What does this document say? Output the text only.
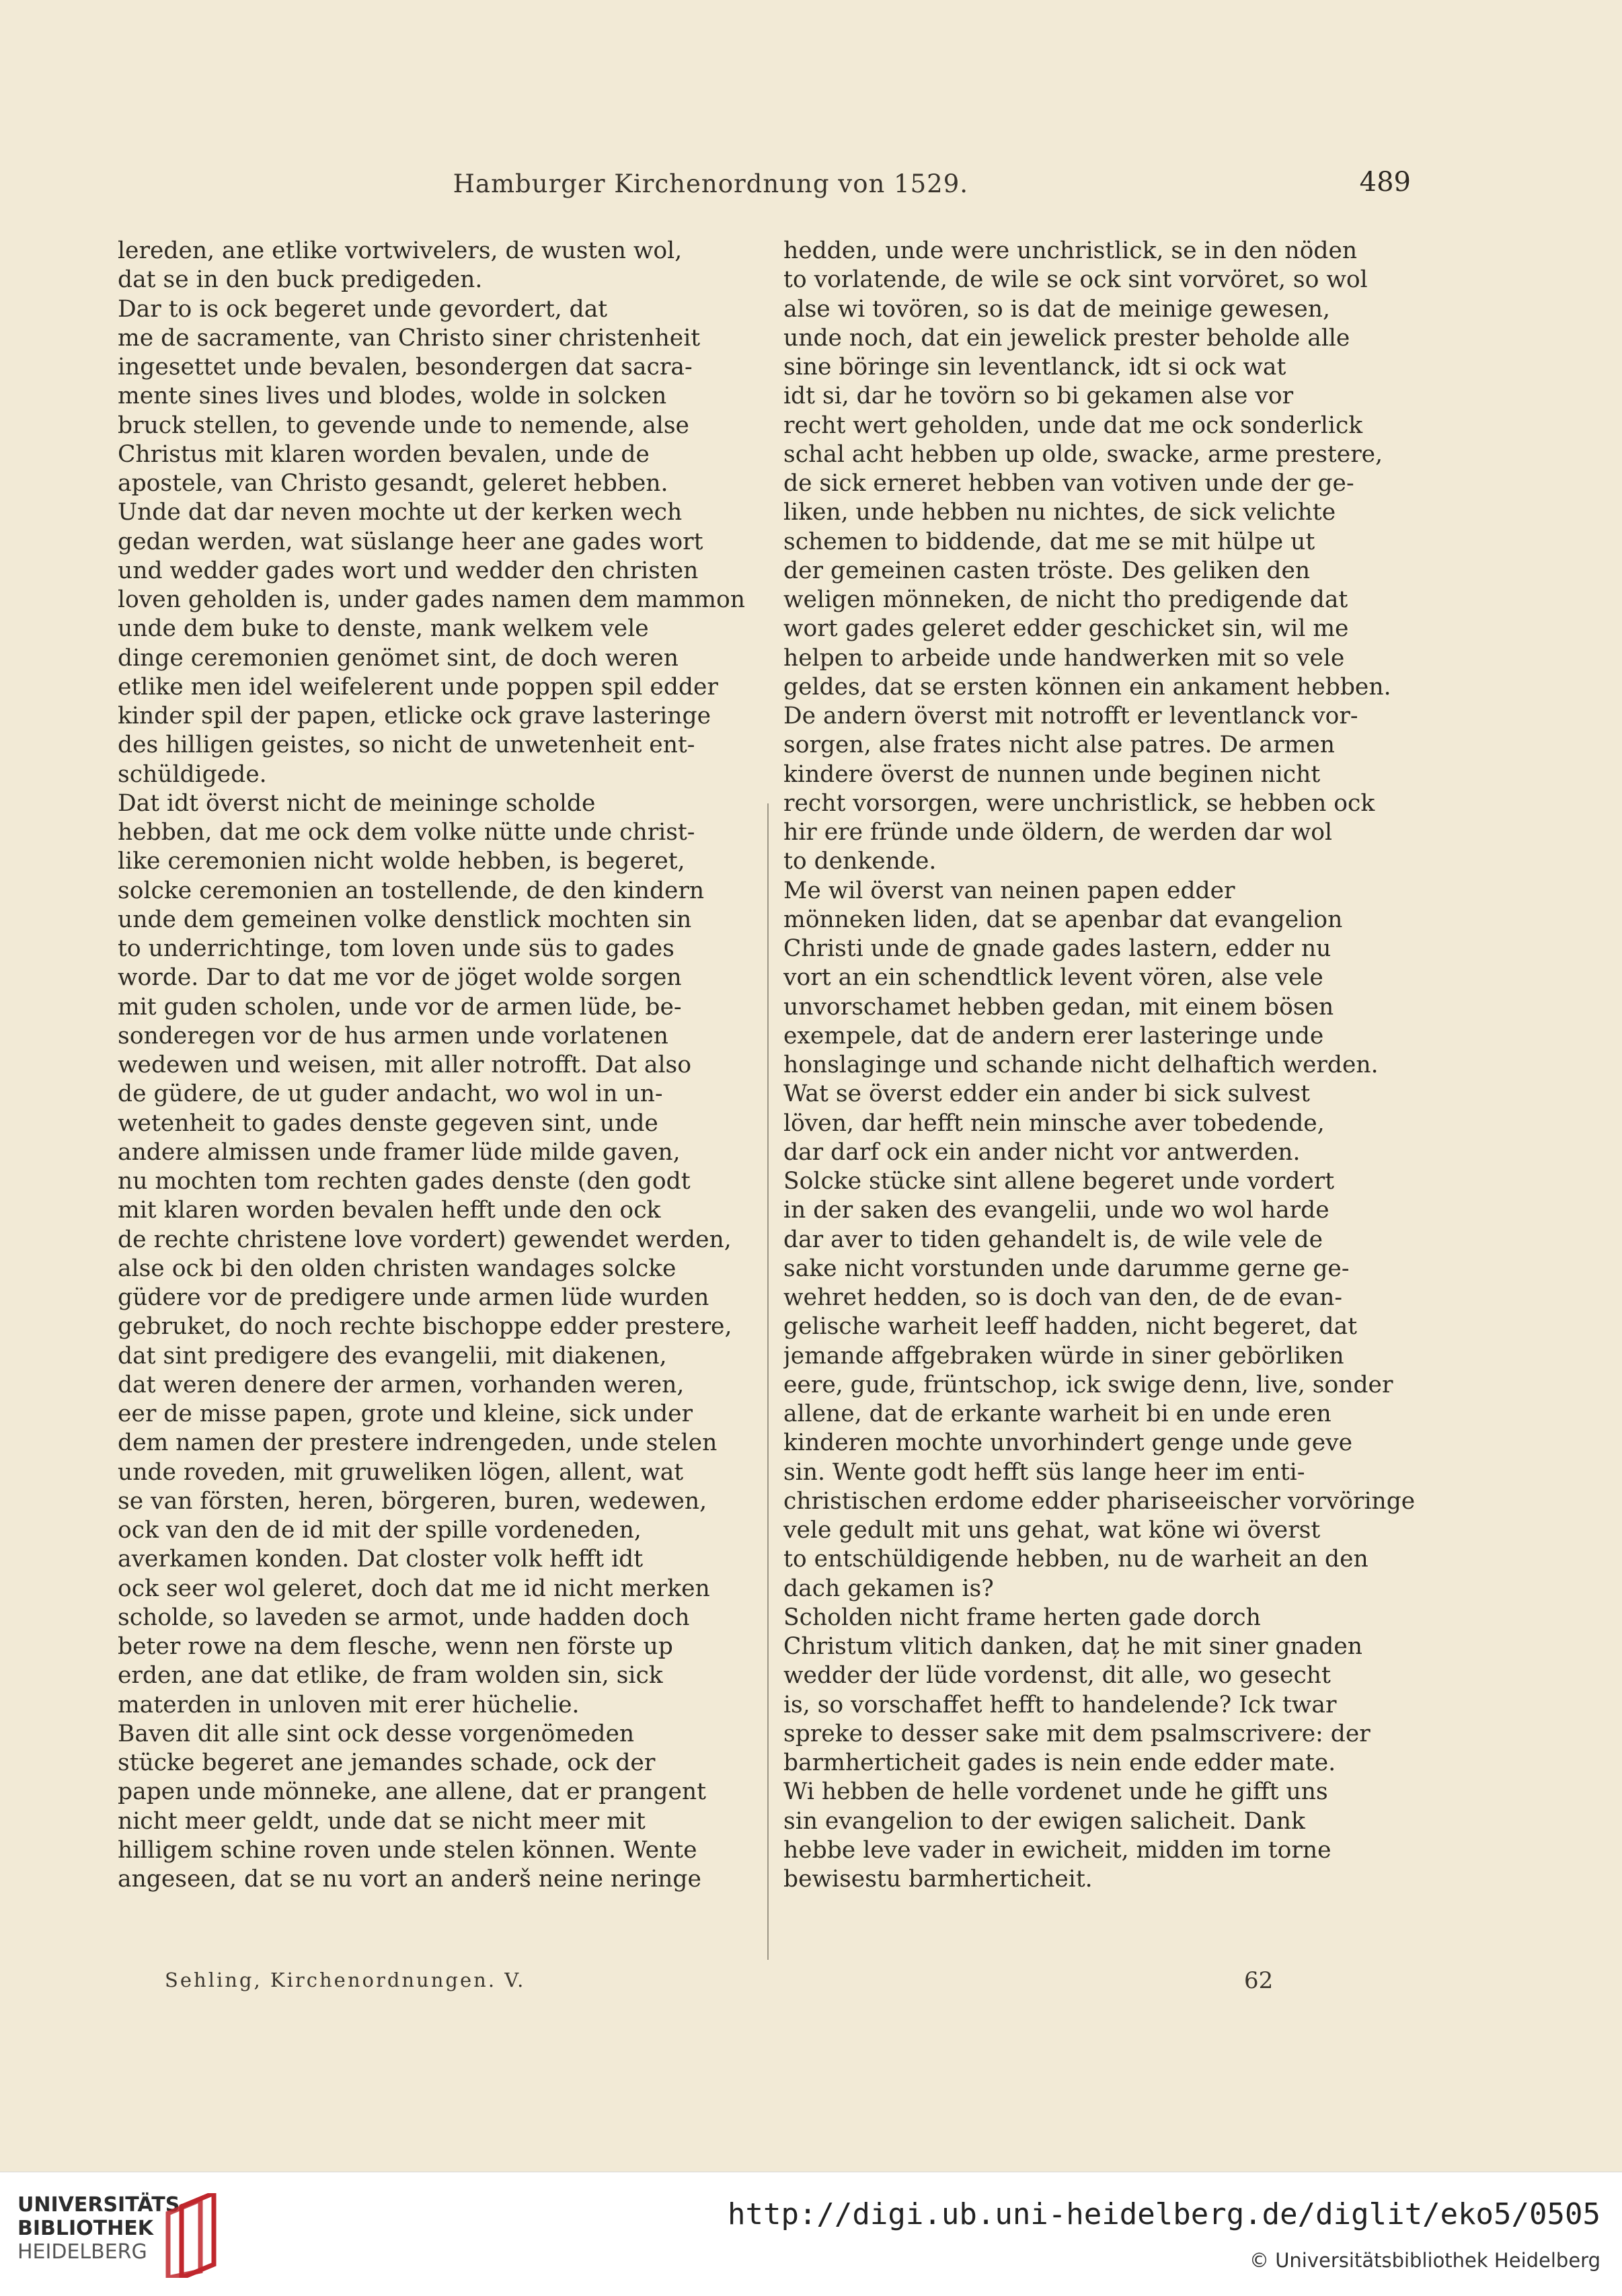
Hamburger Kirchenordnung von 1529.	489
lereden, ane etlike vortwivelers, de wusten wol,
dat se in den buck predigeden.
Dar to is ock begeret unde gevordert, dat
me de sacramente, van Christo siner christenheit
ingesettet unde bevalen, besondergen dat sacra-
mente sines lives und blodes, wolde in solcken
bruck stellen, to gevende unde to nemende, alse
Christus mit klaren worden bevalen, unde de
apostele, van Christo gesandt, geleret hebben.
Unde dat dar neven mochte ut der kerken wech
gedan werden, wat süslange heer ane gades wort
und wedder gades wort und wedder den christen
loven geholden is, under gades namen dem mammon
unde dem buke to denste, mank welkem vele
dinge ceremonien genömet sint, de doch weren
etlike men idel weifelerent unde poppen spil edder
kinder spil der papen, etlicke ock grave lasteringe
des hilligen geistes, so nicht de unwetenheit ent-
schüldigede.
Dat idt överst nicht de meininge scholde
hebben, dat me ock dem volke nütte unde christ-
like ceremonien nicht wolde hebben, is begeret,
solcke ceremonien an tostellende, de den kindern
unde dem gemeinen volke denstlick mochten sin
to underrichtinge, tom loven unde süs to gades
worde. Dar to dat me vor de jöget wolde sorgen
mit guden scholen, unde vor de armen lüde, be-
sonderegen vor de hus armen unde vorlatenen
wedewen und weisen, mit aller notrofft. Dat also
de güdere, de ut guder andacht, wo wol in un-
wetenheit to gades denste gegeven sint, unde
andere almissen unde framer lüde milde gaven,
nu mochten tom rechten gades denste (den godt
mit klaren worden bevalen hefft unde den ock
de rechte christene love vordert) gewendet werden,
alse ock bi den olden christen wandages solcke
güdere vor de predigere unde armen lüde wurden
gebruket, do noch rechte bischoppe edder prestere,
dat sint predigere des evangelii, mit diakenen,
dat weren denere der armen, vorhanden weren,
eer de misse papen, grote und kleine, sick under
dem namen der prestere indrengeden, unde stelen
unde roveden, mit gruweliken lögen, allent, wat
se van försten, heren, börgeren, buren, wedewen,
ock van den de id mit der spille vordeneden,
averkamen konden. Dat closter volk hefft idt
ock seer wol geleret, doch dat me id nicht merken
scholde, so laveden se armot, unde hadden doch
beter rowe na dem flesche, wenn nen förste up
erden, ane dat etlike, de fram wolden sin, sick
materden in unloven mit erer hüchelie.
Baven dit alle sint ock desse vorgenömeden
stücke begeret ane jemandes schade, ock der
papen unde mönneke, ane allene, dat er prangent
nicht meer geldt, unde dat se nicht meer mit
hilligem schine roven unde stelen können. Wente
angeseen, dat se nu vort an anderš neine neringe
hedden, unde were unchristlick, se in den nöden
to vorlatende, de wile se ock sint vorvöret, so wol
alse wi tovören, so is dat de meinige gewesen,
unde noch, dat ein jewelick prester beholde alle
sine böringe sin leventlanck, idt si ock wat
idt si, dar he tovörn so bi gekamen alse vor
recht wert geholden, unde dat me ock sonderlick
schal acht hebben up olde, swacke, arme prestere,
de sick erneret hebben van votiven unde der ge-
liken, unde hebben nu nichtes, de sick velichte
schemen to biddende, dat me se mit hülpe ut
der gemeinen casten tröste. Des geliken den
weligen mönneken, de nicht tho predigende dat
wort gades geleret edder geschicket sin, wil me
helpen to arbeide unde handwerken mit so vele
geldes, dat se ersten können ein ankament hebben.
De andern överst mit notrofft er leventlanck vor-
sorgen, alse frates nicht alse patres. De armen
kindere överst de nunnen unde beginen nicht
recht vorsorgen, were unchristlick, se hebben ock
hir ere fründe unde öldern, de werden dar wol
to denkende.
Me wil överst van neinen papen edder
mönneken liden, dat se apenbar dat evangelion
Christi unde de gnade gades lastern, edder nu
vort an ein schendtlick levent vören, alse vele
unvorschamet hebben gedan, mit einem bösen
exempele, dat de andern erer lasteringe unde
honslaginge und schande nicht delhaftich werden.
Wat se överst edder ein ander bi sick sulvest
löven, dar hefft nein minsche aver tobedende,
dar darf ock ein ander nicht vor antwerden.
Solcke stücke sint allene begeret unde vordert
in der saken des evangelii, unde wo wol harde
dar aver to tiden gehandelt is, de wile vele de
sake nicht vorstunden unde darumme gerne ge-
wehret hedden, so is doch van den, de de evan-
gelische warheit leeff hadden, nicht begeret, dat
jemande affgebraken würde in siner gebörliken
eere, gude, früntschop, ick swige denn, live, sonder
allene, dat de erkante warheit bi en unde eren
kinderen mochte unvorhindert genge unde geve
sin. Wente godt hefft süs lange heer im enti-
christischen erdome edder phariseeischer vorvöringe
vele gedult mit uns gehat, wat köne wi överst
to entschüldigende hebben, nu de warheit an den
dach gekamen is?
Scholden nicht frame herten gade dorch
Christum vlitich danken, daț he mit siner gnaden
wedder der lüde vordenst, dit alle, wo gesecht
is, so vorschaffet hefft to handelende? Ick twar
spreke to desser sake mit dem psalmscrivere: der
barmherticheit gades is nein ende edder mate.
Wi hebben de helle vordenet unde he gifft uns
sin evangelion to der ewigen salicheit. Dank
hebbe leve vader in ewicheit, midden im torne
bewisestu barmherticheit.
Sehling, Kirchenordnungen. V.	62
UNIVERSITÄTS-
BIBLIOTHEK
HEIDELBERG
http://digi.ub.uni-heidelberg.de/diglit/eko5/0505
© Universitätsbibliothek Heidelberg
